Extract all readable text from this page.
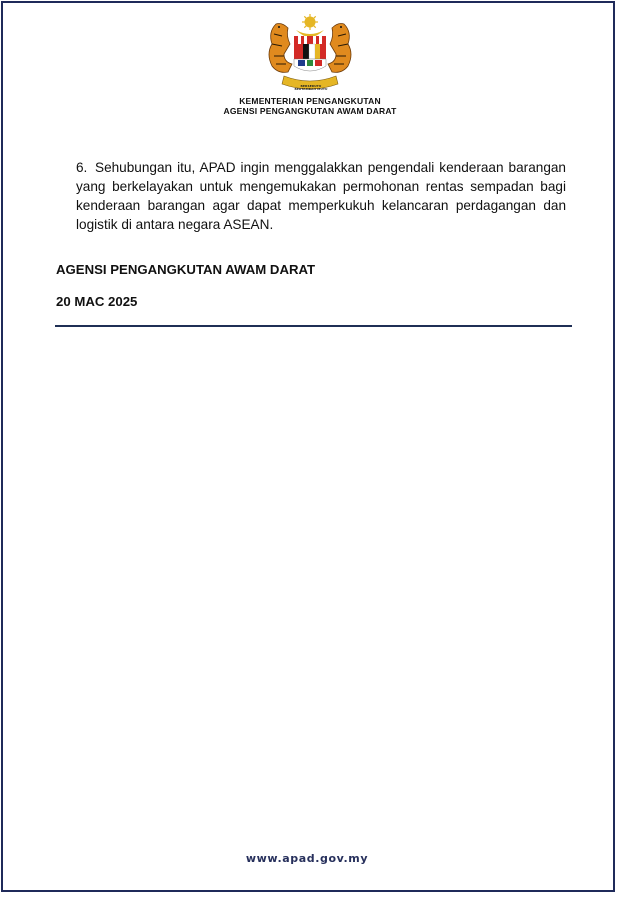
BERSEKUTU
BERTAMBAH MUTU
KEMENTERIAN PENGANGKUTAN
AGENSI PENGANGKUTAN AWAM DARAT
6. Sehubungan itu, APAD ingin menggalakkan pengendali kenderaan barangan
yang berkelayakan untuk mengemukakan permohonan rentas sempadan bagi
kenderaan barangan agar dapat memperkukuh kelancaran perdagangan dan
logistik di antara negara ASEAN.
AGENSI PENGANGKUTAN AWAM DARAT
20 MAC 2025
www.apad.gov.my
